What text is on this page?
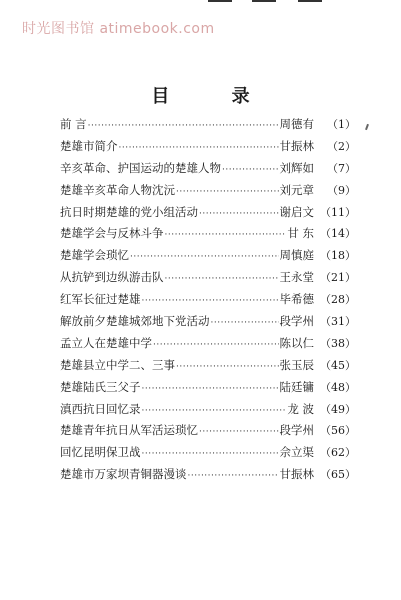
时光图书馆 atimebook.com
目 录
前 言 ·····	周德有	（1）
楚雄市简介 ·····	甘振林	（2）
辛亥革命、护国运动的楚雄人物 ·····	刘辉如	（7）
楚雄辛亥革命人物沈沅 ·····	刘元章	（9）
抗日时期楚雄的党小组活动 ·····	谢启文 （11）
楚雄学会与反林斗争 ·····	甘 东 （14）
楚雄学会琐忆 ·····	周慎庭 （18）
从抗铲到边纵游击队 ·····	王永堂 （21）
红军长征过楚雄 ·····	毕希德 （28）
解放前夕楚雄城郊地下党活动 ·····	段学州 （31）
孟立人在楚雄中学 ·····	陈以仁 （38）
楚雄县立中学二、三事 ·····	张玉辰 （45）
楚雄陆氏三父子 ·····	陆廷镛 （48）
滇西抗日回忆录 ·····	龙 波 （49）
楚雄青年抗日从军活运琐忆 ·····	段学州 （56）
回忆昆明保卫战 ·····	佘立渠 （62）
楚雄市万家坝青铜器漫谈 ·····	甘振林 （65）
